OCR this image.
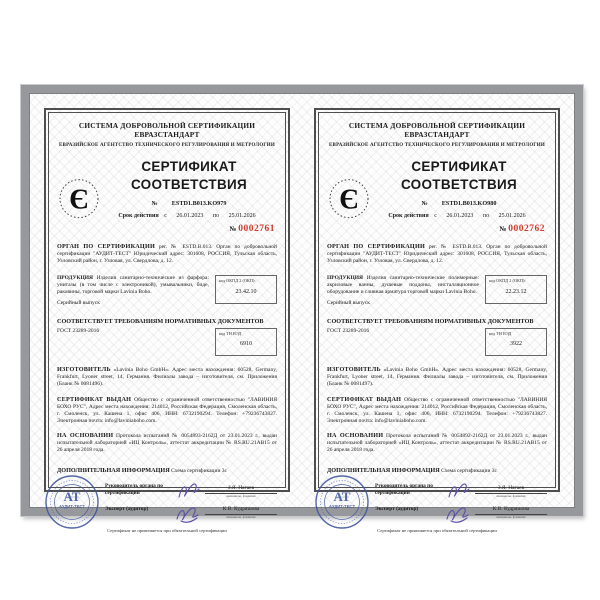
СИСТЕМА ДОБРОВОЛЬНОЙ СЕРТИФИКАЦИИ ЕВРАЗСТАНДАРТ
ЕВРАЗИЙСКОЕ АГЕНТСТВО ТЕХНИЧЕСКОГО РЕГУЛИРОВАНИЯ И МЕТРОЛОГИИ
Є
СЕРТИФИКАТ СООТВЕТСТВИЯ
№ ESTD1.B013.KO979
Срок действия с 26.01.2023 по 25.01.2026
№ 0002761

ОРГАН ПО СЕРТИФИКАЦИИ рег. № ESTD.B.013. Орган по добровольной сертификации "АУДИТ-ТЕСТ" Юридический адрес: 301608, РОССИЯ, Тульская область, Узловский район, г. Узловая, ул. Свердлова, д. 12.

ПРОДУКЦИЯ Изделия санитарно-технические из фарфора: унитазы (в том числе с электроникой), умывальники, биде, раковины, торговой марки Lavinia Boho.
Серийный выпуск
код ОКПД 2 (ОКП):
23.42.10
СООТВЕТСТВУЕТ ТРЕБОВАНИЯМ НОРМАТИВНЫХ ДОКУМЕНТОВ
ГОСТ 23289-2016	код ТН ВЭД
6910

ИЗГОТОВИТЕЛЬ «Lavinia Boho GmbH». Адрес места нахождения: 60528, Germany, Frankfurt, Lyoner street, 14, Германия. Филиалы завода – изготовителя, см. Приложения (Бланк № 0081496).

СЕРТИФИКАТ ВЫДАН Общество с ограниченной ответственностью "ЛАВИНИЯ БОХО РУС", Адрес места нахождения: 214012, Российская Федерация, Смоленская область, г. Смоленск, ул. Кашена 1, офис 406, ИНН: 6732190294. Телефон: +79236743827. Электронная почта: info@laviniaboho.com.

НА ОСНОВАНИИ Протокола испытаний № 0054893-2162Д от 23.01.2023 г., выдан испытательной лабораторией «ИЦ Контроль», аттестат аккредитации № RS.RU.21АВ15 от 26 апреля 2018 года.

ДОПОЛНИТЕЛЬНАЯ ИНФОРМАЦИЯ Схема сертификации 3с
АТ
АУДИТ-ТЕСТ
Руководитель органа по сертификации
Эксперт (аудитор)
З.Я. Нагаев
инициалы, фамилия
К.В. Кудряшова
инициалы, фамилия
Сертификат не применяется при обязательной сертификации
СИСТЕМА ДОБРОВОЛЬНОЙ СЕРТИФИКАЦИИ ЕВРАЗСТАНДАРТ
ЕВРАЗИЙСКОЕ АГЕНТСТВО ТЕХНИЧЕСКОГО РЕГУЛИРОВАНИЯ И МЕТРОЛОГИИ
Є
СЕРТИФИКАТ СООТВЕТСТВИЯ
№ ESTD1.B013.KO980
Срок действия с 26.01.2023 по 25.01.2026
№ 0002762

ОРГАН ПО СЕРТИФИКАЦИИ рег. № ESTD.B.013. Орган по добровольной сертификации "АУДИТ-ТЕСТ" Юридический адрес: 301608, РОССИЯ, Тульская область, Узловский район, г. Узловая, ул. Свердлова, д. 12.

ПРОДУКЦИЯ Изделия санитарно-технические полимерные: акриловые ванны, душевые поддоны, инсталляционное оборудование и сливная арматура торговой марки Lavinia Boho.
Серийный выпуск
код ОКПД 2 (ОКП):
22.23.12
СООТВЕТСТВУЕТ ТРЕБОВАНИЯМ НОРМАТИВНЫХ ДОКУМЕНТОВ
ГОСТ 23289-2016	код ТН ВЭД
3922

ИЗГОТОВИТЕЛЬ «Lavinia Boho GmbH». Адрес места нахождения: 60528, Germany, Frankfurt, Lyoner street, 14, Германия. Филиалы завода – изготовителя, см. Приложения (Бланк № 0081497).

СЕРТИФИКАТ ВЫДАН Общество с ограниченной ответственностью "ЛАВИНИЯ БОХО РУС", Адрес места нахождения: 214012, Российская Федерация, Смоленская область, г. Смоленск, ул. Кашена 1, офис 406, ИНН: 6732190294. Телефон: +79236743827. Электронная почта: info@laviniaboho.com.

НА ОСНОВАНИИ Протокола испытаний № 0054892-2162Д от 23.01.2023 г., выдан испытательной лабораторией «ИЦ Контроль», аттестат аккредитации № RS.RU.21АВ15 от 26 апреля 2018 года.

ДОПОЛНИТЕЛЬНАЯ ИНФОРМАЦИЯ Схема сертификации 3с
АТ
АУДИТ-ТЕСТ
Руководитель органа по сертификации
Эксперт (аудитор)
З.Я. Нагаев
инициалы, фамилия
К.В. Кудряшова
инициалы, фамилия
Сертификат не применяется при обязательной сертификации
